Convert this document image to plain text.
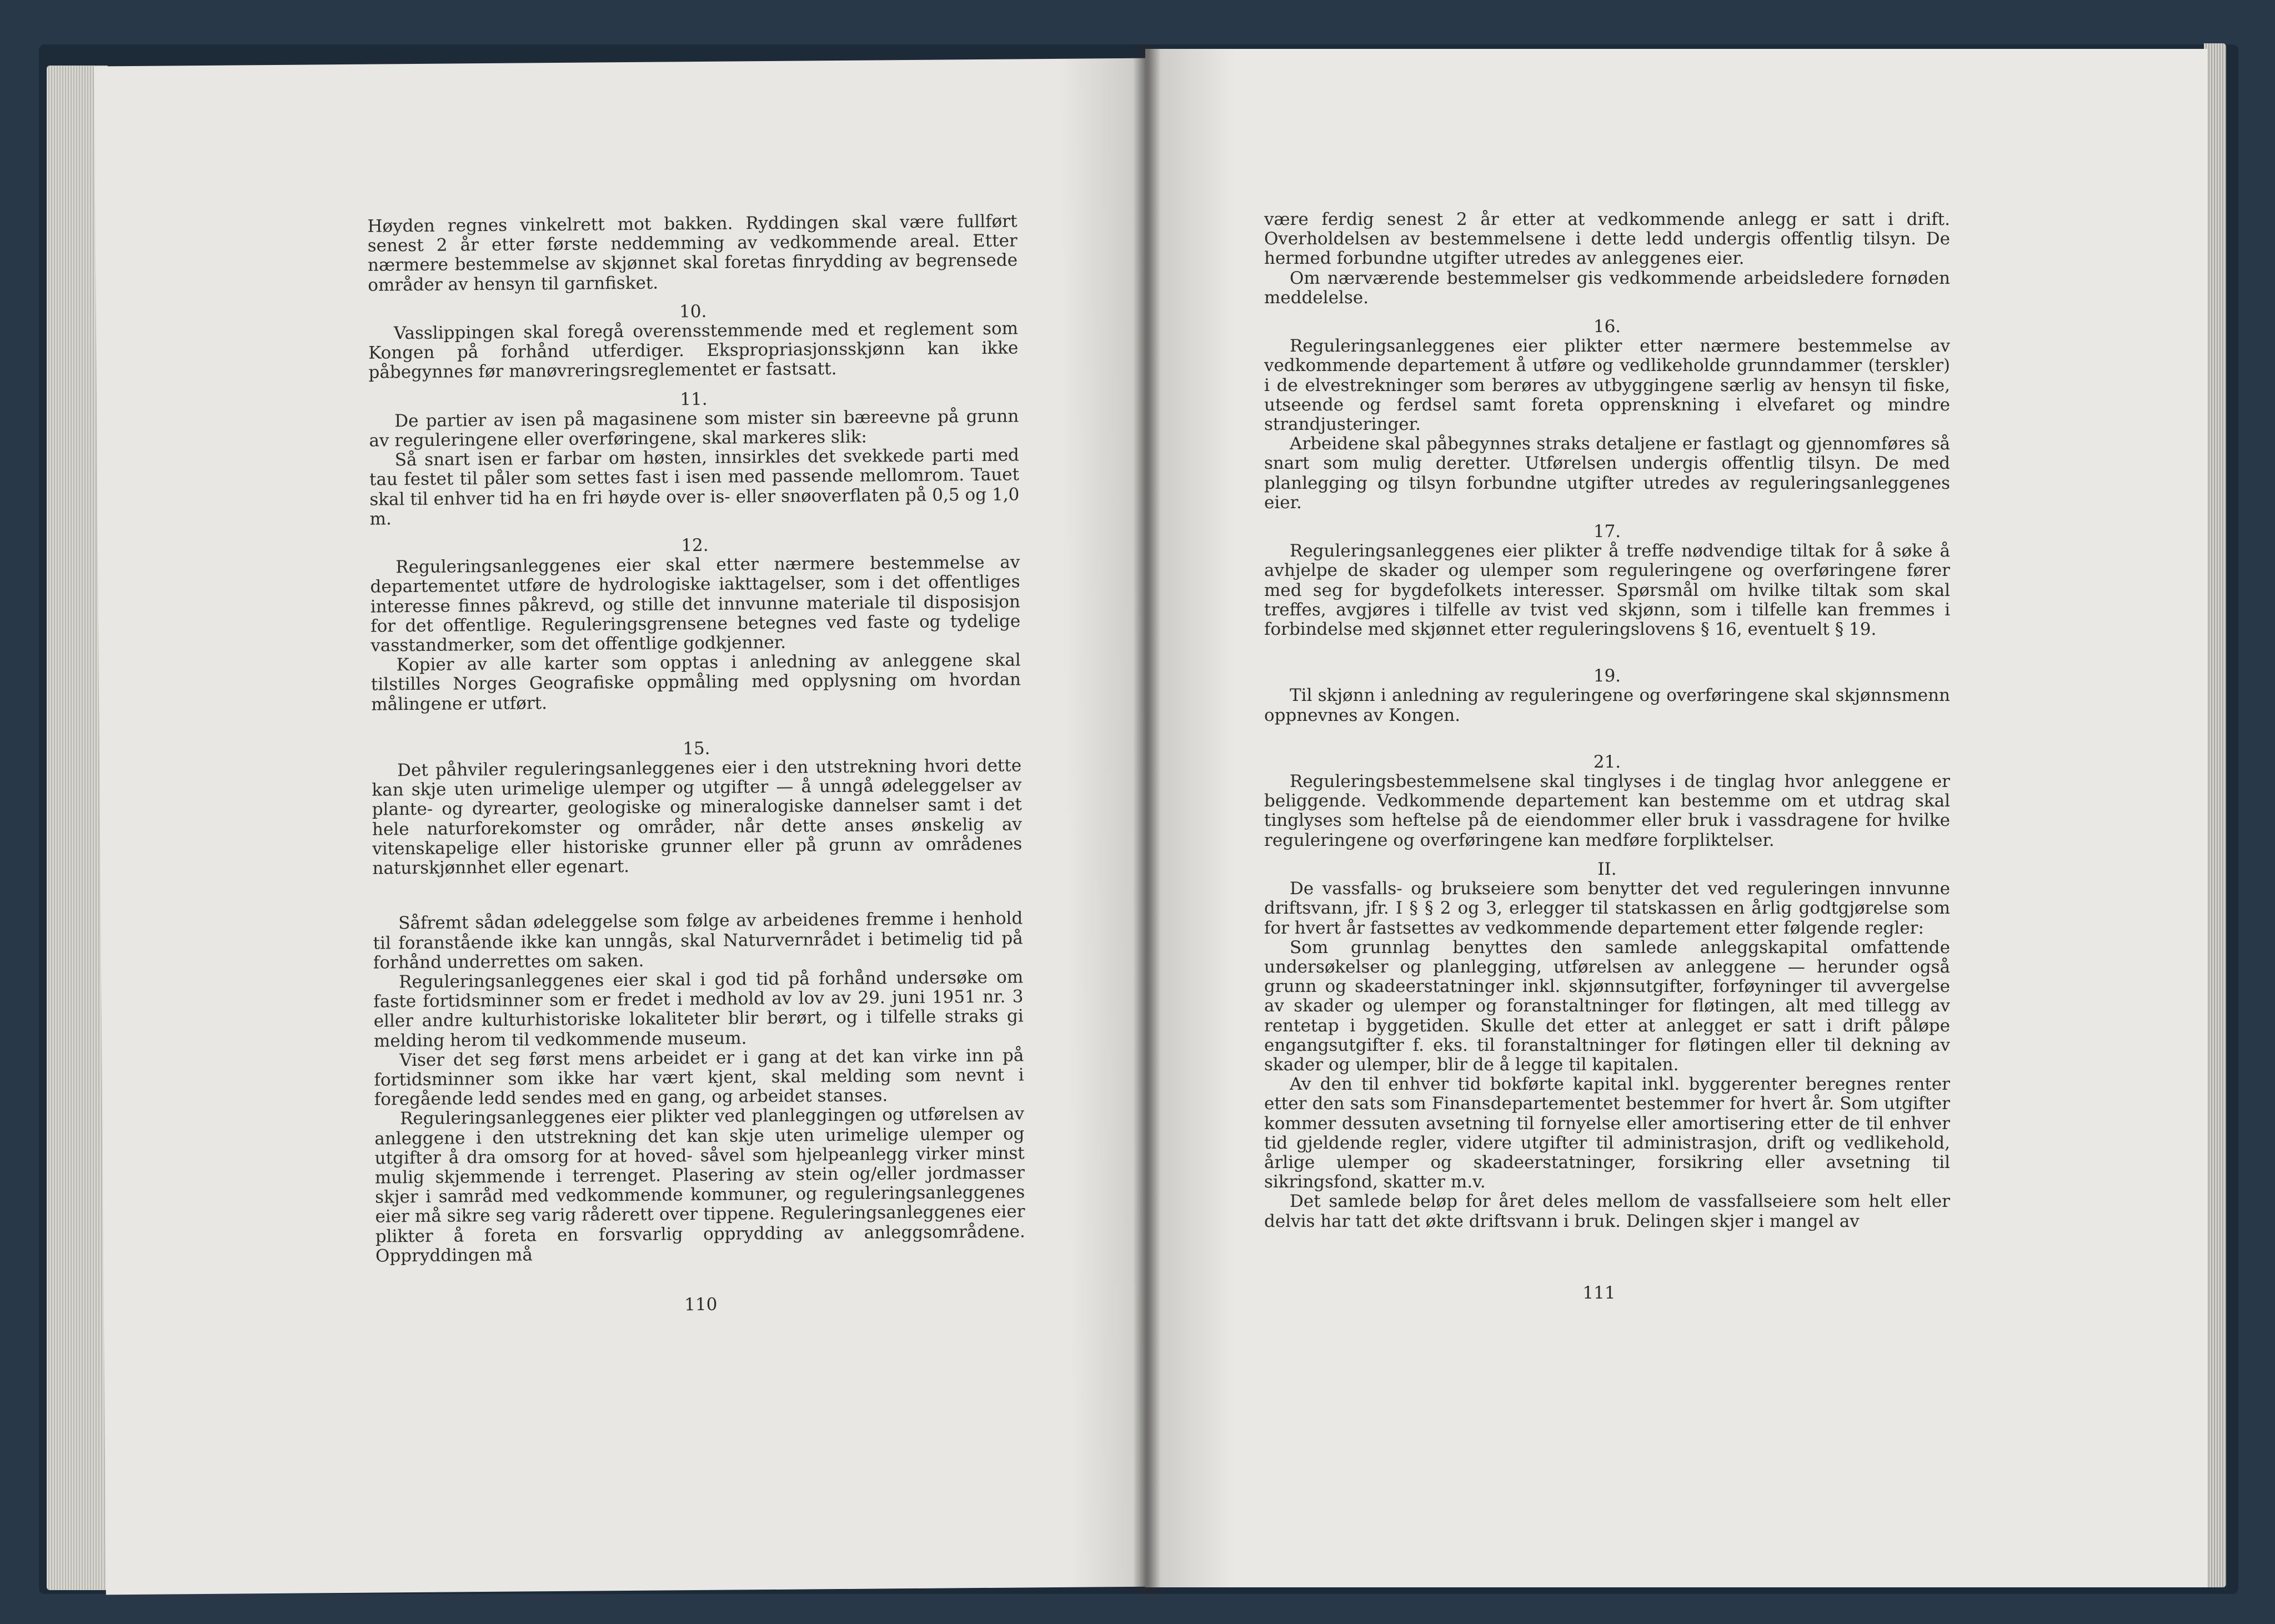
Høyden regnes vinkelrett mot bakken. Ryddingen skal være fullført senest 2 år etter første neddemming av vedkommende areal. Etter nærmere bestemmelse av skjønnet skal foretas finrydding av begrensede områder av hensyn til garnfisket.

10.

Vasslippingen skal foregå overensstemmende med et reglement som Kongen på forhånd utferdiger. Ekspropriasjonsskjønn kan ikke påbegynnes før manøvreringsreglementet er fastsatt.

11.

De partier av isen på magasinene som mister sin bæreevne på grunn av reguleringene eller overføringene, skal markeres slik:

Så snart isen er farbar om høsten, innsirkles det svekkede parti med tau festet til påler som settes fast i isen med passende mellomrom. Tauet skal til enhver tid ha en fri høyde over is- eller snøoverflaten på 0,5 og 1,0 m.

12.

Reguleringsanleggenes eier skal etter nærmere bestemmelse av departementet utføre de hydrologiske iakttagelser, som i det offentliges interesse finnes påkrevd, og stille det innvunne materiale til disposisjon for det offentlige. Reguleringsgrensene betegnes ved faste og tydelige vasstandmerker, som det offentlige godkjenner.

Kopier av alle karter som opptas i anledning av anleggene skal tilstilles Norges Geografiske oppmåling med opplysning om hvordan målingene er utført.

15.

Det påhviler reguleringsanleggenes eier i den utstrekning hvori dette kan skje uten urimelige ulemper og utgifter — å unngå ødeleggelser av plante- og dyrearter, geologiske og mineralogiske dannelser samt i det hele naturforekomster og områder, når dette anses ønskelig av vitenskapelige eller historiske grunner eller på grunn av områdenes naturskjønnhet eller egenart.

Såfremt sådan ødeleggelse som følge av arbeidenes fremme i henhold til foranstående ikke kan unngås, skal Naturvernrådet i betimelig tid på forhånd underrettes om saken.

Reguleringsanleggenes eier skal i god tid på forhånd undersøke om faste fortidsminner som er fredet i medhold av lov av 29. juni 1951 nr. 3 eller andre kulturhistoriske lokaliteter blir berørt, og i tilfelle straks gi melding herom til vedkommende museum.

Viser det seg først mens arbeidet er i gang at det kan virke inn på fortidsminner som ikke har vært kjent, skal melding som nevnt i foregående ledd sendes med en gang, og arbeidet stanses.

Reguleringsanleggenes eier plikter ved planleggingen og utførelsen av anleggene i den utstrekning det kan skje uten urimelige ulemper og utgifter å dra omsorg for at hoved- såvel som hjelpeanlegg virker minst mulig skjemmende i terrenget. Plasering av stein og/eller jordmasser skjer i samråd med vedkommende kommuner, og reguleringsanleggenes eier må sikre seg varig råderett over tippene. Reguleringsanleggenes eier plikter å foreta en forsvarlig opprydding av anleggsområdene. Oppryddingen må

110

være ferdig senest 2 år etter at vedkommende anlegg er satt i drift. Overholdelsen av bestemmelsene i dette ledd undergis offentlig tilsyn. De hermed forbundne utgifter utredes av anleggenes eier.

Om nærværende bestemmelser gis vedkommende arbeidsledere fornøden meddelelse.

16.

Reguleringsanleggenes eier plikter etter nærmere bestemmelse av vedkommende departement å utføre og vedlikeholde grunndammer (terskler) i de elvestrekninger som berøres av utbyggingene særlig av hensyn til fiske, utseende og ferdsel samt foreta opprenskning i elvefaret og mindre strandjusteringer.

Arbeidene skal påbegynnes straks detaljene er fastlagt og gjennomføres så snart som mulig deretter. Utførelsen undergis offentlig tilsyn. De med planlegging og tilsyn forbundne utgifter utredes av reguleringsanleggenes eier.

17.

Reguleringsanleggenes eier plikter å treffe nødvendige tiltak for å søke å avhjelpe de skader og ulemper som reguleringene og overføringene fører med seg for bygdefolkets interesser. Spørsmål om hvilke tiltak som skal treffes, avgjøres i tilfelle av tvist ved skjønn, som i tilfelle kan fremmes i forbindelse med skjønnet etter reguleringslovens § 16, eventuelt § 19.

19.

Til skjønn i anledning av reguleringene og overføringene skal skjønnsmenn oppnevnes av Kongen.

21.

Reguleringsbestemmelsene skal tinglyses i de tinglag hvor anleggene er beliggende. Vedkommende departement kan bestemme om et utdrag skal tinglyses som heftelse på de eiendommer eller bruk i vassdragene for hvilke reguleringene og overføringene kan medføre forpliktelser.

II.

De vassfalls- og brukseiere som benytter det ved reguleringen innvunne driftsvann, jfr. I § § 2 og 3, erlegger til statskassen en årlig godtgjørelse som for hvert år fastsettes av vedkommende departement etter følgende regler:

Som grunnlag benyttes den samlede anleggskapital omfattende undersøkelser og planlegging, utførelsen av anleggene — herunder også grunn og skadeerstatninger inkl. skjønnsutgifter, forføyninger til avvergelse av skader og ulemper og foranstaltninger for fløtingen, alt med tillegg av rentetap i byggetiden. Skulle det etter at anlegget er satt i drift påløpe engangsutgifter f. eks. til foranstaltninger for fløtingen eller til dekning av skader og ulemper, blir de å legge til kapitalen.

Av den til enhver tid bokførte kapital inkl. byggerenter beregnes renter etter den sats som Finansdepartementet bestemmer for hvert år. Som utgifter kommer dessuten avsetning til fornyelse eller amortisering etter de til enhver tid gjeldende regler, videre utgifter til administrasjon, drift og vedlikehold, årlige ulemper og skadeerstatninger, forsikring eller avsetning til sikringsfond, skatter m.v.

Det samlede beløp for året deles mellom de vassfallseiere som helt eller delvis har tatt det økte driftsvann i bruk. Delingen skjer i mangel av

111
